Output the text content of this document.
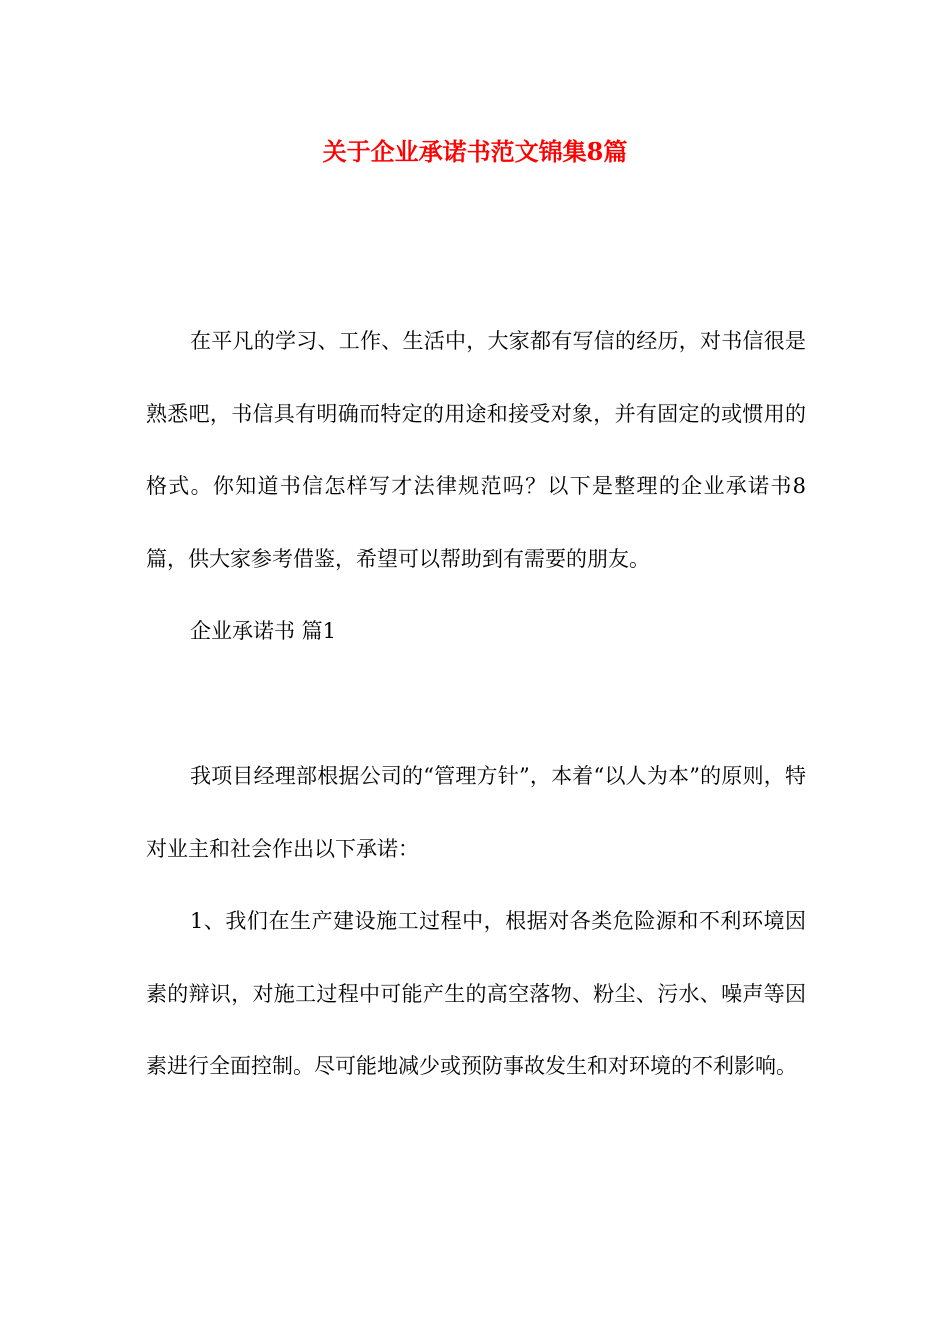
关于企业承诺书范文锦集8篇

在平凡的学习、工作、生活中，大家都有写信的经历，对书信很是熟悉吧，书信具有明确而特定的用途和接受对象，并有固定的或惯用的格式。你知道书信怎样写才法律规范吗？以下是整理的企业承诺书8篇，供大家参考借鉴，希望可以帮助到有需要的朋友。

企业承诺书 篇1

我项目经理部根据公司的“管理方针”，本着“以人为本”的原则，特对业主和社会作出以下承诺：

1、我们在生产建设施工过程中，根据对各类危险源和不利环境因素的辩识，对施工过程中可能产生的高空落物、粉尘、污水、噪声等因素进行全面控制。尽可能地减少或预防事故发生和对环境的不利影响。
